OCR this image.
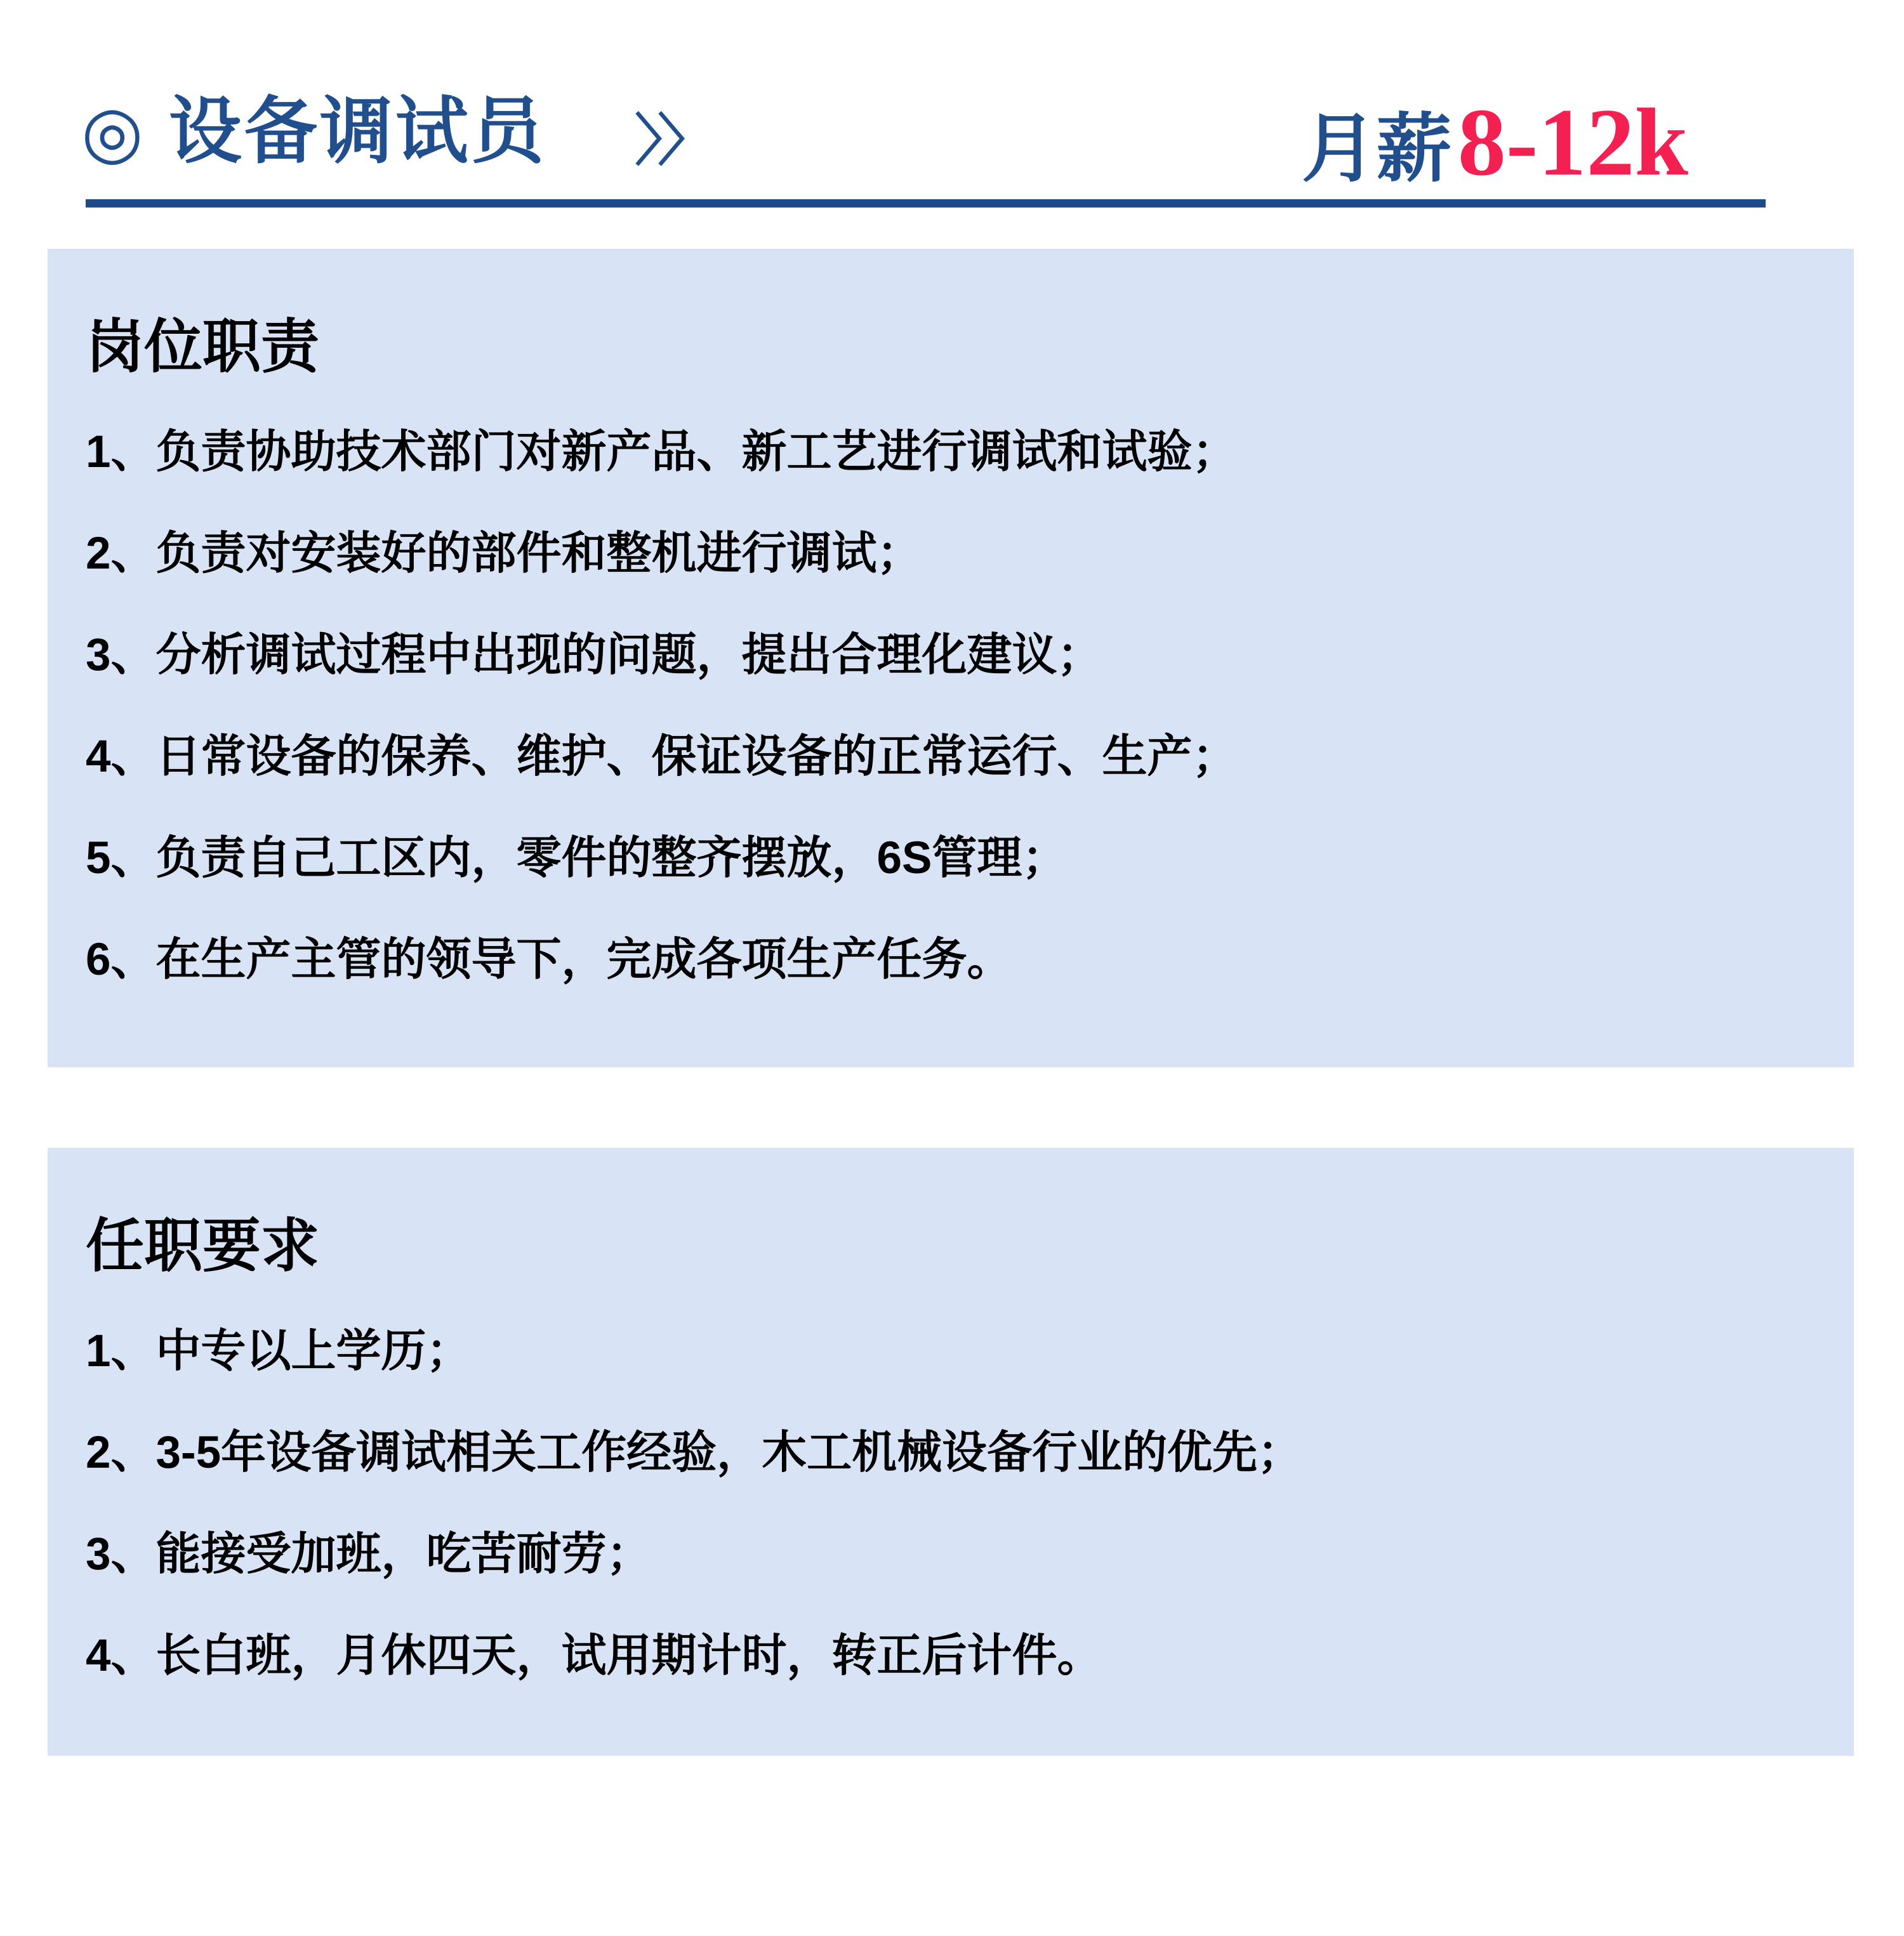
◎ 设备调试员 〉〉	月薪8-12k
岗位职责

1、负责协助技术部门对新产品、新工艺进行调试和试验；

2、负责对安装好的部件和整机进行调试；

3、分析调试过程中出现的问题，提出合理化建议；

4、日常设备的保养、维护、保证设备的正常运行、生产；

5、负责自己工区内，零件的整齐摆放，6S管理；

6、在生产主管的领导下，完成各项生产任务。

任职要求

1、中专以上学历；

2、3-5年设备调试相关工作经验，木工机械设备行业的优先；

3、能接受加班，吃苦耐劳；

4、长白班，月休四天，试用期计时，转正后计件。
